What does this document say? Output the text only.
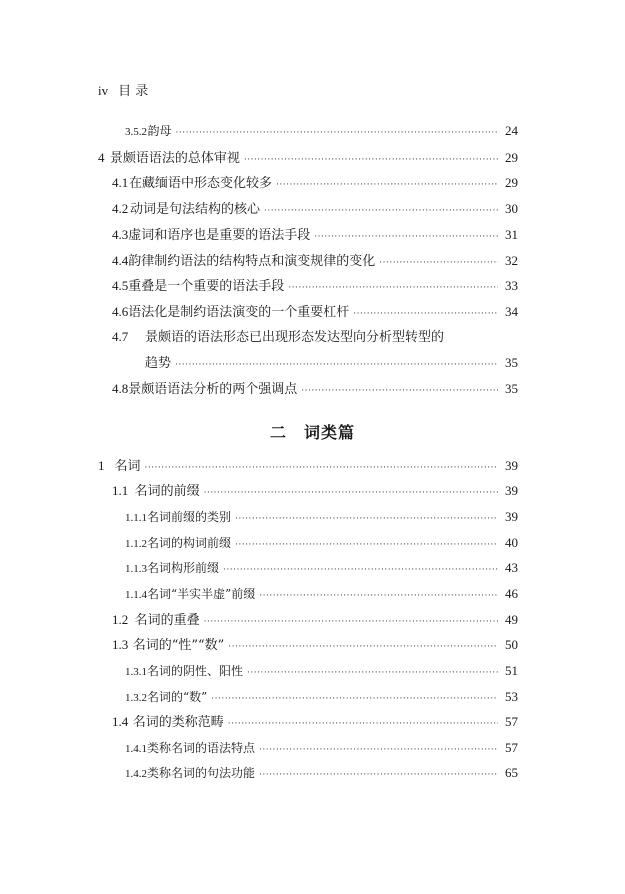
iv 目 录
3.5.2 韵母 ·····	24
4 景颇语语法的总体审视 ·····	29
4.1 在藏缅语中形态变化较多 ·····	29
4.2 动词是句法结构的核心 ·····	30
4.3 虚词和语序也是重要的语法手段 ·····	31
4.4 韵律制约语法的结构特点和演变规律的变化 ·····	32
4.5 重叠是一个重要的语法手段 ·····	33
4.6 语法化是制约语法演变的一个重要杠杆 ·····	34
4.7	景颇语的语法形态已出现形态发达型向分析型转型的
趋势 ·····	35
4.8 景颇语语法分析的两个强调点 ·····	35
二　词类篇
1 名词 ·····	39
1.1 名词的前缀 ·····	39
1.1.1 名词前缀的类别 ·····	39
1.1.2 名词的构词前缀 ·····	40
1.1.3 名词构形前缀 ·····	43
1.1.4 名词“半实半虚”前缀 ·····	46
1.2 名词的重叠 ·····	49
1.3 名词的“性”“数” ·····	50
1.3.1 名词的阴性、阳性 ·····	51
1.3.2 名词的“数” ·····	53
1.4 名词的类称范畴 ·····	57
1.4.1 类称名词的语法特点 ·····	57
1.4.2 类称名词的句法功能 ·····	65
